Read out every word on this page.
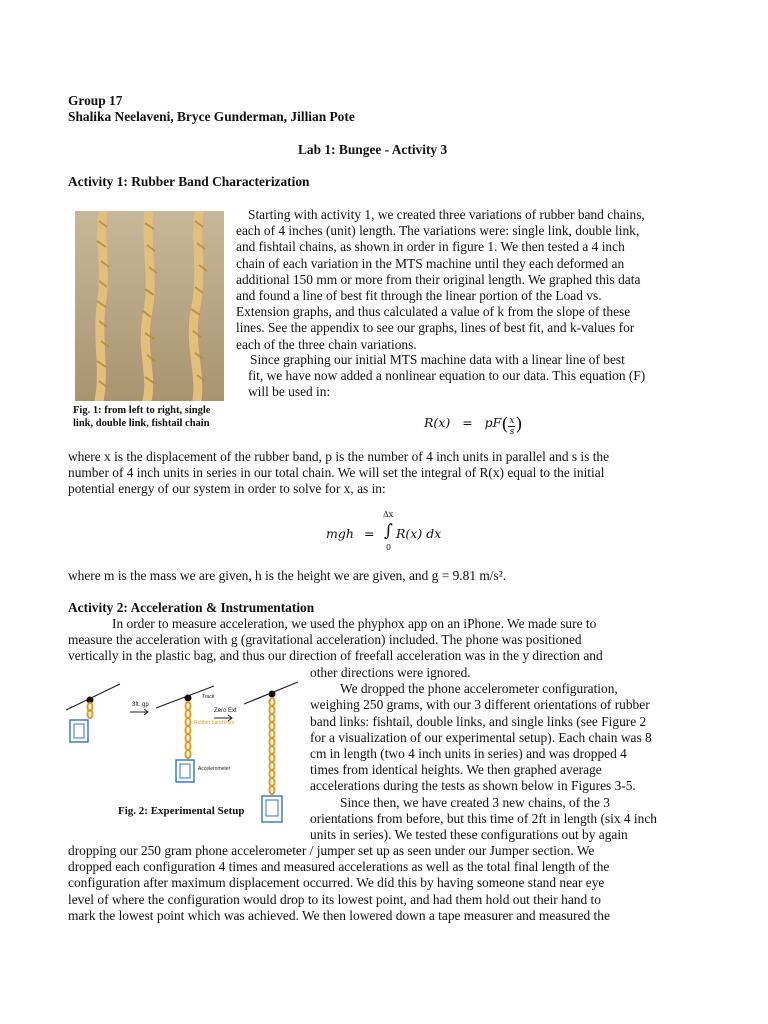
Group 17
Shalika Neelaveni, Bryce Gunderman, Jillian Pote
Lab 1: Bungee - Activity 3
Activity 1: Rubber Band Characterization
Fig. 1: from left to right, single
link, double link, fishtail chain
Starting with activity 1, we created three variations of rubber band chains,
each of 4 inches (unit) length. The variations were: single link, double link,
and fishtail chains, as shown in order in figure 1. We then tested a 4 inch
chain of each variation in the MTS machine until they each deformed an
additional 150 mm or more from their original length. We graphed this data
and found a line of best fit through the linear portion of the Load vs.
Extension graphs, and thus calculated a value of k from the slope of these
lines. See the appendix to see our graphs, lines of best fit, and k-values for
each of the three chain variations.
Since graphing our initial MTS machine data with a linear line of best
fit, we have now added a nonlinear equation to our data. This equation (F)
will be used in:
$R(x) = pF( \frac{x}{s}$ )
where x is the displacement of the rubber band, p is the number of 4 inch units in parallel and s is the
number of 4 inch units in series in our total chain. We will set the integral of R(x) equal to the initial
potential energy of our system in order to solve for x, as in:
mgh =
Δx
∫
0
R(x) dx
where m is the mass we are given, h is the height we are given, and g = 9.81 m/s².
Activity 2: Acceleration & Instrumentation
In order to measure acceleration, we used the phyphox app on an iPhone. We made sure to
measure the acceleration with g (gravitational acceleration) included. The phone was positioned
vertically in the plastic bag, and thus our direction of freefall acceleration was in the y direction and
3ft. gp
Zero Ext
Track
Rubber band links
Accelerometer
Fig. 2: Experimental Setup
other directions were ignored.
We dropped the phone accelerometer configuration,
weighing 250 grams, with our 3 different orientations of rubber
band links: fishtail, double links, and single links (see Figure 2
for a visualization of our experimental setup). Each chain was 8
cm in length (two 4 inch units in series) and was dropped 4
times from identical heights. We then graphed average
accelerations during the tests as shown below in Figures 3-5.
Since then, we have created 3 new chains, of the 3
orientations from before, but this time of 2ft in length (six 4 inch
units in series). We tested these configurations out by again
dropping our 250 gram phone accelerometer / jumper set up as seen under our Jumper section. We
dropped each configuration 4 times and measured accelerations as well as the total final length of the
configuration after maximum displacement occurred. We did this by having someone stand near eye
level of where the configuration would drop to its lowest point, and had them hold out their hand to
mark the lowest point which was achieved. We then lowered down a tape measurer and measured the
